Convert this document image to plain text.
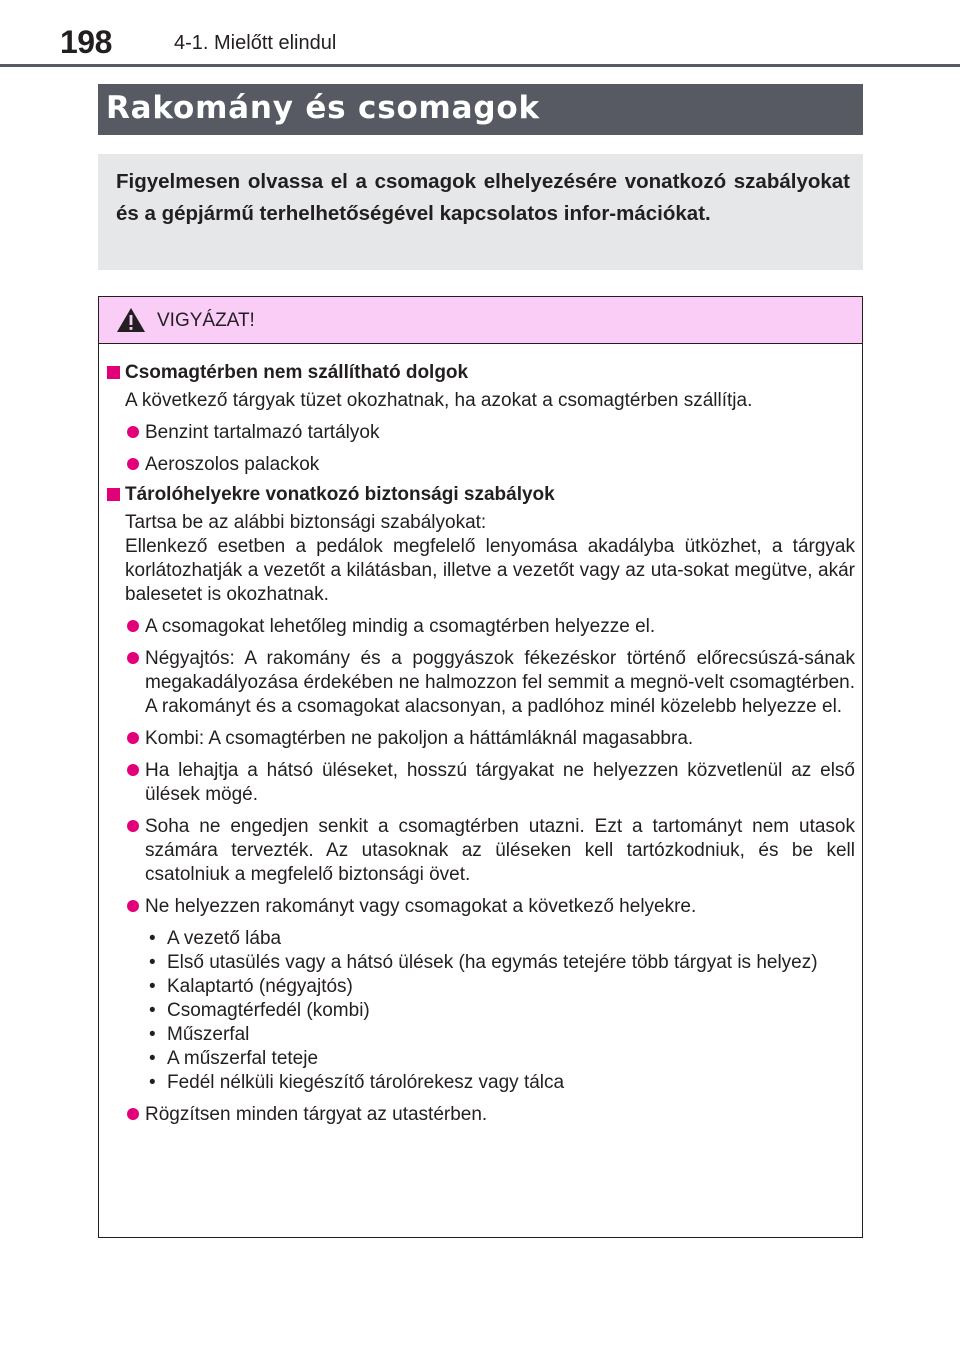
198	4-1. Mielőtt elindul
Rakomány és csomagok
Figyelmesen olvassa el a csomagok elhelyezésére vonatkozó szabályokat és a gépjármű terhelhetőségével kapcsolatos infor-mációkat.
VIGYÁZAT!
Csomagtérben nem szállítható dolgok
A következő tárgyak tüzet okozhatnak, ha azokat a csomagtérben szállítja.
Benzint tartalmazó tartályok
Aeroszolos palackok
Tárolóhelyekre vonatkozó biztonsági szabályok
Tartsa be az alábbi biztonsági szabályokat:
Ellenkező esetben a pedálok megfelelő lenyomása akadályba ütközhet, a tárgyak korlátozhatják a vezetőt a kilátásban, illetve a vezetőt vagy az uta-sokat megütve, akár balesetet is okozhatnak.
A csomagokat lehetőleg mindig a csomagtérben helyezze el.
Négyajtós: A rakomány és a poggyászok fékezéskor történő előrecsúszá-sának megakadályozása érdekében ne halmozzon fel semmit a megnö-velt csomagtérben. A rakományt és a csomagokat alacsonyan, a padlóhoz minél közelebb helyezze el.
Kombi: A csomagtérben ne pakoljon a háttámláknál magasabbra.
Ha lehajtja a hátsó üléseket, hosszú tárgyakat ne helyezzen közvetlenül az első ülések mögé.
Soha ne engedjen senkit a csomagtérben utazni. Ezt a tartományt nem utasok számára tervezték. Az utasoknak az üléseken kell tartózkodniuk, és be kell csatolniuk a megfelelő biztonsági övet.
Ne helyezzen rakományt vagy csomagokat a következő helyekre.
• A vezető lába
• Első utasülés vagy a hátsó ülések (ha egymás tetejére több tárgyat is helyez)
• Kalaptartó (négyajtós)
• Csomagtérfedél (kombi)
• Műszerfal
• A műszerfal teteje
• Fedél nélküli kiegészítő tárolórekesz vagy tálca
Rögzítsen minden tárgyat az utastérben.
